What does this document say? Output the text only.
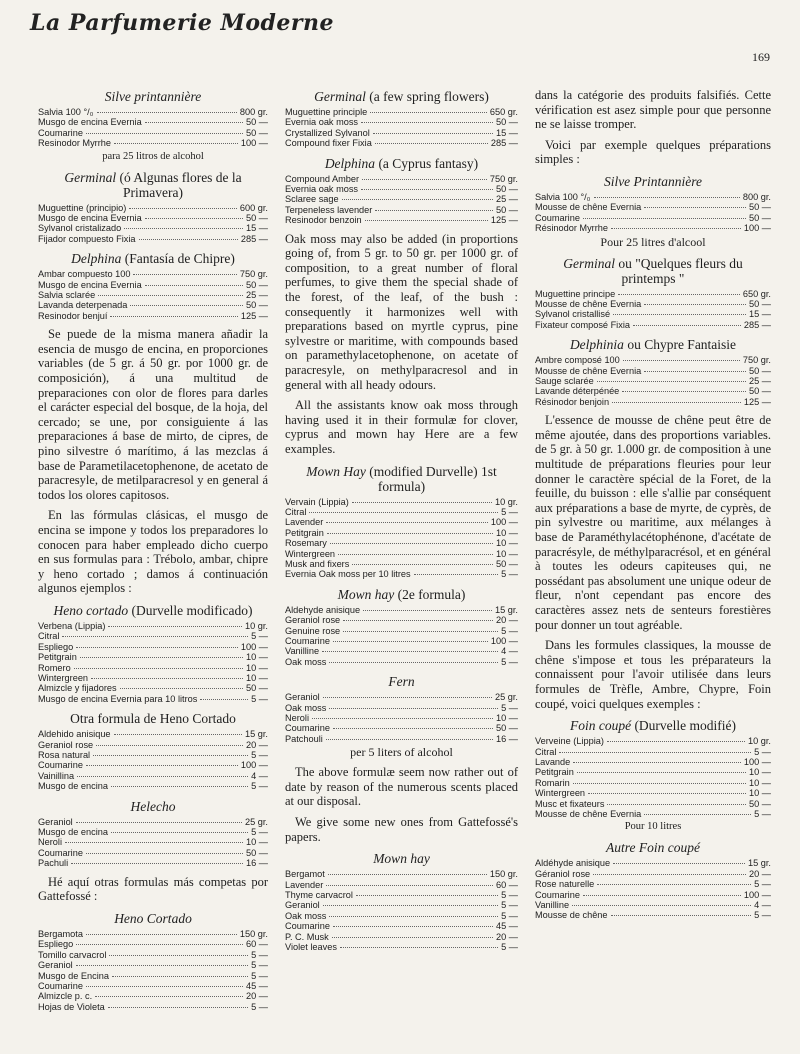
La Parfumerie Moderne
169
Silve printannière
Salvia 100 °/₀	800 gr.
Musgo de encina Evernia	50 —
Coumarine	50 —
Resinodor Myrrhe	100 —
para 25 litros de alcohol
Germinal (ó Algunas flores de la Primavera)
Muguettine (principio)	600 gr.
Musgo de encina Evernia	50 —
Sylvanol cristalizado	15 —
Fijador compuesto Fixia	285 —
Delphina (Fantasía de Chipre)
Ambar compuesto 100	750 gr.
Musgo de encina Evernia	50 —
Salvia sclarée	25 —
Lavanda deterpenada	50 —
Resinodor benjuí	125 —

Se puede de la misma manera añadir la esencia de musgo de encina, en proporciones variables (de 5 gr. á 50 gr. por 1000 gr. de composición), á una multitud de preparaciones con olor de flores para darles el carácter especial del bosque, de la hoja, del cercado; se une, por consiguiente á las preparaciones á base de mirto, de cipres, de pino silvestre ó marítimo, á las mezclas á base de Parametilacetophenone, de acetato de paracresyle, de metilparacresol y en general á todos los olores capitosos.

En las fórmulas clásicas, el musgo de encina se impone y todos los preparadores lo conocen para haber empleado dicho cuerpo en sus formulas para : Trébolo, ambar, chipre y heno cortado ; damos á continuación algunos ejemplos :

Heno cortado (Durvelle modificado)
Verbena (Lippia)	10 gr.
Citral	5 —
Espliego	100 —
Petitgrain	10 —
Romero	10 —
Wintergreen	10 —
Almizcle y fijadores	50 —
Musgo de encina Evernia para 10 litros	5 —
Otra formula de Heno Cortado
Aldehido anisique	15 gr.
Geraniol rose	20 —
Rosa natural	5 —
Coumarine	100 —
Vainillina	4 —
Musgo de encina	5 —
Helecho
Geraniol	25 gr.
Musgo de encina	5 —
Neroli	10 —
Coumarine	50 —
Pachuli	16 —

Hé aquí otras formulas más competas por Gattefossé :

Heno Cortado
Bergamota	150 gr.
Espliego	60 —
Tomillo carvacrol	5 —
Geraniol	5 —
Musgo de Encina	5 —
Coumarine	45 —
Almizcle p. c.	20 —
Hojas de Violeta	5 —
Germinal (a few spring flowers)
Muguettine principle	650 gr.
Evernia oak moss	50 —
Crystallized Sylvanol	15 —
Compound fixer Fixia	285 —
Delphina (a Cyprus fantasy)
Compound Amber	750 gr.
Evernia oak moss	50 —
Sclaree sage	25 —
Terpeneless lavender	50 —
Resinodor benzoin	125 —

Oak moss may also be added (in proportions going of, from 5 gr. to 50 gr. per 1000 gr. of composition, to a great number of floral perfumes, to give them the special shade of the forest, of the leaf, of the bush : consequently it harmonizes well with preparations based on myrtle cyprus, pine sylvestre or maritime, with compounds based on paramethylacetophenone, on acetate of paracresyle, on methylparacresol and in general with all heady odours.

All the assistants know oak moss through having used it in their formulæ for clover, cyprus and mown hay Here are a few examples.

Mown Hay (modified Durvelle) 1st formula)
Vervain (Lippia)	10 gr.
Citral	5 —
Lavender	100 —
Petitgrain	10 —
Rosemary	10 —
Wintergreen	10 —
Musk and fixers	50 —
Evernia Oak moss per 10 litres	5 —
Mown hay (2e formula)
Aldehyde anisique	15 gr.
Geraniol rose	20 —
Genuine rose	5 —
Coumarine	100 —
Vanilline	4 —
Oak moss	5 —
Fern
Geraniol	25 gr.
Oak moss	5 —
Neroli	10 —
Coumarine	50 —
Patchouli	16 —
per 5 liters of alcohol

The above formulæ seem now rather out of date by reason of the numerous scents placed at our disposal.

We give some new ones from Gattefossé's papers.

Mown hay
Bergamot	150 gr.
Lavender	60 —
Thyme carvacrol	5 —
Geraniol	5 —
Oak moss	5 —
Coumarine	45 —
P. C. Musk	20 —
Violet leaves	5 —

dans la catégorie des produits falsifiés. Cette vérification est asez simple pour que personne ne se laisse tromper.

Voici par exemple quelques préparations simples :

Silve Printannière
Salvia 100 °/₀	800 gr.
Mousse de chêne Evernia	50 —
Coumarine	50 —
Résinodor Myrrhe	100 —
Pour 25 litres d'alcool
Germinal ou "Quelques fleurs du printemps "
Muguettine principe	650 gr.
Mousse de chêne Evernia	50 —
Sylvanol cristallisé	15 —
Fixateur composé Fixia	285 —
Delphinia ou Chypre Fantaisie
Ambre composé 100	750 gr.
Mousse de chêne Evernia	50 —
Sauge sclarée	25 —
Lavande déterpénée	50 —
Résinodor benjoin	125 —

L'essence de mousse de chêne peut être de même ajoutée, dans des proportions variables. de 5 gr. à 50 gr. 1.000 gr. de composition à une multitude de préparations fleuries pour leur donner le caractère spécial de la Foret, de la feuille, du buisson : elle s'allie par conséquent aux préparations a base de myrte, de cyprès, de pin sylvestre ou maritime, aux mélanges à base de Paraméthylacétophénone, d'acétate de paracrésyle, de méthylparacrésol, et en général à toutes les odeurs capiteuses qui, ne possédant pas absolument une unique odeur de fleur, n'ont cependant pas encore des caractères assez nets de senteurs forestières pour donner un tout agréable.

Dans les formules classiques, la mousse de chêne s'impose et tous les préparateurs la connaissent pour l'avoir utilisée dans leurs formules de Trèfle, Ambre, Chypre, Foin coupé, voici quelques exemples :

Foin coupé (Durvelle modifié)
Verveine (Lippia)	10 gr.
Citral	5 —
Lavande	100 —
Petitgrain	10 —
Romarin	10 —
Wintergreen	10 —
Musc et fixateurs	50 —
Mousse de chêne Evernia	5 —
Pour 10 litres
Autre Foin coupé
Aldéhyde anisique	15 gr.
Géraniol rose	20 —
Rose naturelle	5 —
Coumarine	100 —
Vanilline	4 —
Mousse de chêne	5 —
